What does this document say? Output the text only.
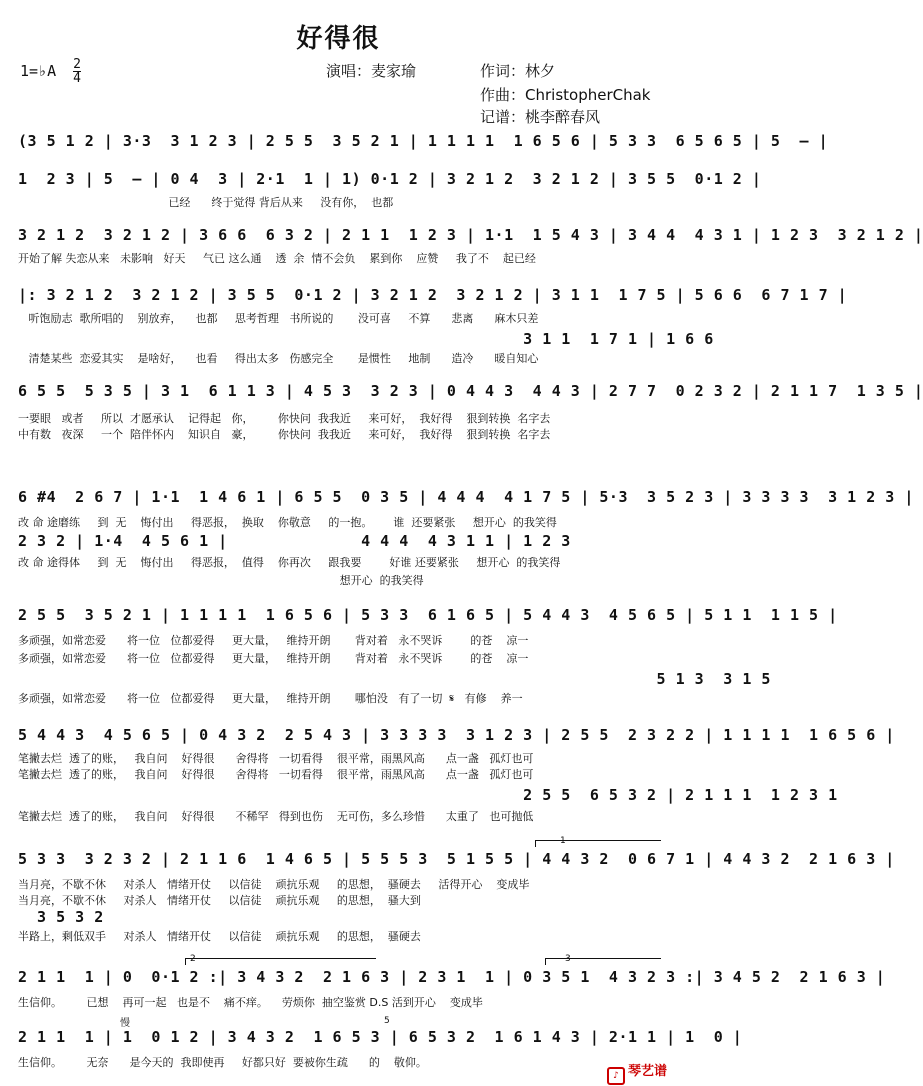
好得很
1=♭A $\frac{2}{4}$	演唱：麦家瑜	作词：林夕
作曲：ChristopherChak
记谱：桃李醉春风
(3 5 1 2 | 3·3  3 1 2 3 | 2 5 5  3 5 2 1 | 1 1 1 1  1 6 5 6 | 5 3 3  6 5 6 5 | 5  – |
1  2 3 | 5  – | 0 4  3 | 2·1  1 | 1) 0·1 2 | 3 2 1 2  3 2 1 2 | 3 5 5  0·1 2 |
已经      终于觉得 背后从来     没有你，  也都
3 2 1 2  3 2 1 2 | 3 6 6  6 3 2 | 2 1 1  1 2 3 | 1·1  1 5 4 3 | 3 4 4  4 3 1 | 1 2 3  3 2 1 2 |
开始了解 失恋从来   未影响   好天     气已 这么通    透  余  情不会负    累到你    应赞     我了不    起已经
|: 3 2 1 2  3 2 1 2 | 3 5 5  0·1 2 | 3 2 1 2  3 2 1 2 | 3 1 1  1 7 5 | 5 6 6  6 7 1 7 |
听饱励志  歌所唱的    别放弃，    也都     思考哲理   书所说的       没可喜     不算      悲离      麻木只差
3 1 1  1 7 1 | 1 6 6
清楚某些  恋爱其实    是啥好，    也看     得出太多   伤感完全       是惯性     地制      造冷      暖自知心
6 5 5  5 3 5 | 3 1  6 1 1 3 | 4 5 3  3 2 3 | 0 4 4 3  4 4 3 | 2 7 7  0 2 3 2 | 2 1 1 7  1 3 5 |
一要眼   或者     所以  才愿承认    记得起   你，       你快问  我我近     来可好，  我好得    狠到转换  名字去
中有数   夜深     一个  陪伴怀内    知识自   豪，       你快问  我我近     来可好，  我好得    狠到转换  名字去
6 #4  2 6 7 | 1·1  1 4 6 1 | 6 5 5  0 3 5 | 4 4 4  4 1 7 5 | 5·3  3 5 2 3 | 3 3 3 3  3 1 2 3 |
改 命 途磨练     到  无    悔付出     得恶报，  换取    你敬意     的一抱。      谁  还要紧张     想开心  的我笑得
2 3 2 | 1·4  4 5 6 1 |              4 4 4  4 3 1 1 | 1 2 3
改 命 途得体     到  无    悔付出     得恶报，  值得    你再次     跟我要        好谁 还要紧张     想开心  的我笑得
想开心  的我笑得
2 5 5  3 5 2 1 | 1 1 1 1  1 6 5 6 | 5 3 3  6 1 6 5 | 5 4 4 3  4 5 6 5 | 5 1 1  1 1 5 |
多顽强，如常恋爱      将一位   位都爱得     更大量，   维持开朗       背对着   永不哭诉        的苍    凉一
多顽强，如常恋爱      将一位   位都爱得     更大量，   维持开朗       背对着   永不哭诉        的苍    凉一
5 1 3  3 1 5
多顽强，如常恋爱      将一位   位都爱得     更大量，   维持开朗       哪怕没   有了一切  𝄋   有修    养一
5 4 4 3  4 5 6 5 | 0 4 3 2  2 5 4 3 | 3 3 3 3  3 1 2 3 | 2 5 5  2 3 2 2 | 1 1 1 1  1 6 5 6 |
笔撇去烂  透了的账，   我自问    好得很      舍得将   一切看得    很平常，雨黑风高      点一盏   孤灯也可
笔撇去烂  透了的账，   我自问    好得很      舍得将   一切看得    很平常，雨黑风高      点一盏   孤灯也可
2 5 5  6 5 3 2 | 2 1 1 1  1 2 3 1
笔撇去烂  透了的账，   我自问    好得很      不稀罕   得到也伤    无可伤，多么珍惜      太重了   也可抛低
5 3 3  3 2 3 2 | 2 1 1 6  1 4 6 5 | 5 5 5 3  5 1 5 5 | 4 4 3 2  0 6 7 1 | 4 4 3 2  2 1 6 3 |
当月亮，不歇不休     对杀人   情绪开仗     以信徒    顽抗乐观     的思想，  骚硬去     活得开心    变成毕
当月亮，不歇不休     对杀人   情绪开仗     以信徒    顽抗乐观     的思想，  骚大到
3 5 3 2
半路上，剩低双手     对杀人   情绪开仗     以信徒    顽抗乐观     的思想，  骚硬去
2 1 1  1 | 0  0·1 2 :| 3 4 3 2  2 1 6 3 | 2 3 1  1 | 0 3 5 1  4 3 2 3 :| 3 4 5 2  2 1 6 3 |
生信仰。       已想    再可一起   也是不    痛不痒。    劳烦你  抽空鉴赏 D.S 活到开心    变成毕
2 1 1  1 | 1  0 1 2 | 3 4 3 2  1 6 5 3 | 6 5 3 2  1 6 1 4 3 | 2·1 1 | 1  0 |
生信仰。       无奈      是今天的  我即使再     好都只好  要被你生疏      的    敬仰。
慢
2	3
1
5
♪ 琴艺谱
